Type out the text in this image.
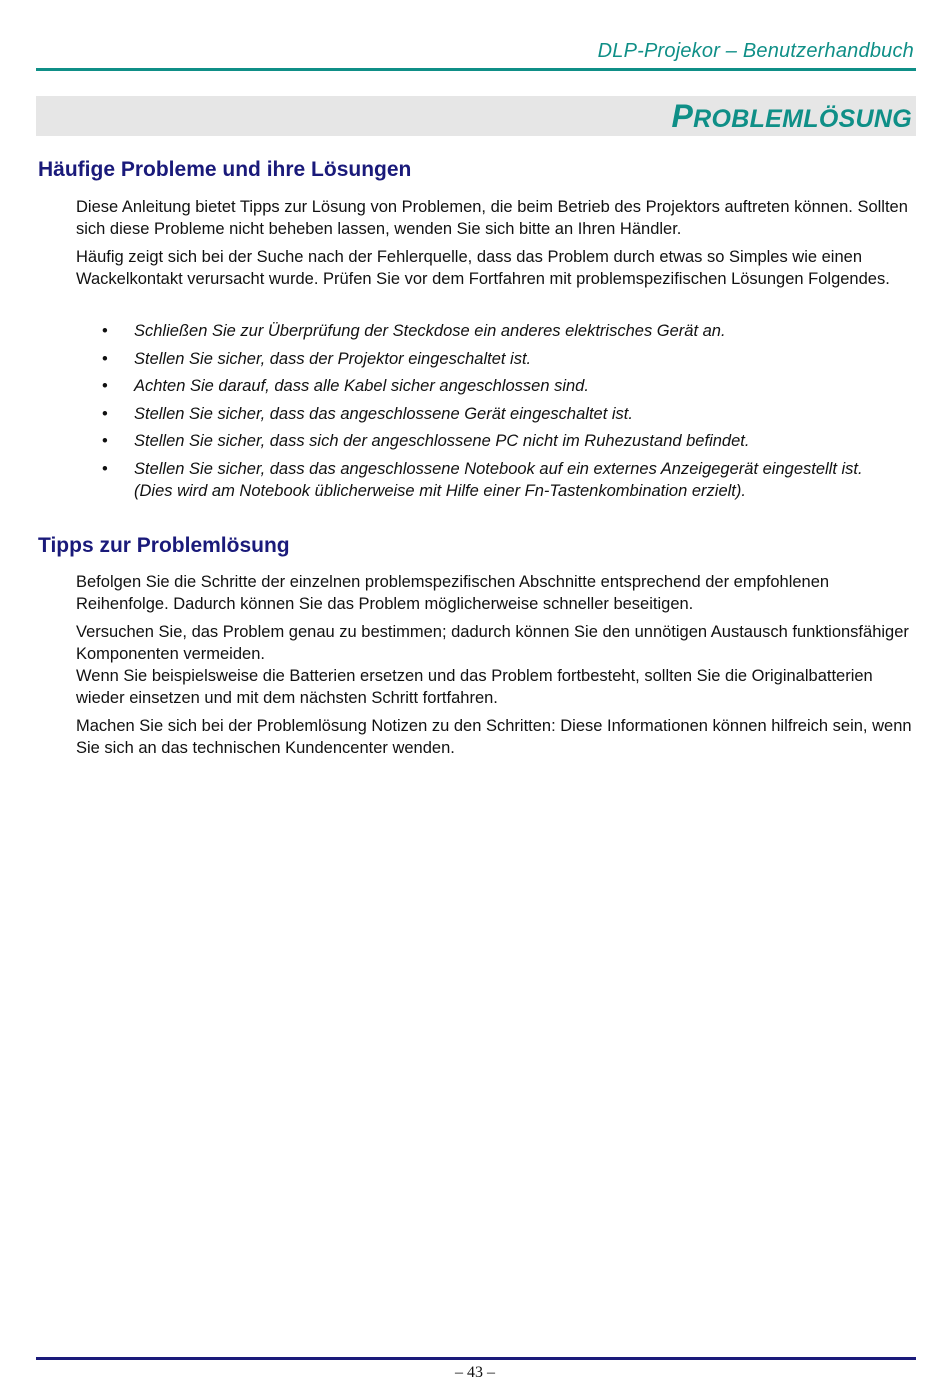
DLP-Projekor – Benutzerhandbuch
PROBLEMLÖSUNG
Häufige Probleme und ihre Lösungen

Diese Anleitung bietet Tipps zur Lösung von Problemen, die beim Betrieb des Projektors auftreten können. Sollten sich diese Probleme nicht beheben lassen, wenden Sie sich bitte an Ihren Händler.

Häufig zeigt sich bei der Suche nach der Fehlerquelle, dass das Problem durch etwas so Simples wie einen Wackelkontakt verursacht wurde. Prüfen Sie vor dem Fortfahren mit problemspezifischen Lösungen Folgendes.

• Schließen Sie zur Überprüfung der Steckdose ein anderes elektrisches Gerät an.
• Stellen Sie sicher, dass der Projektor eingeschaltet ist.
• Achten Sie darauf, dass alle Kabel sicher angeschlossen sind.
• Stellen Sie sicher, dass das angeschlossene Gerät eingeschaltet ist.
• Stellen Sie sicher, dass sich der angeschlossene PC nicht im Ruhezustand befindet.
• Stellen Sie sicher, dass das angeschlossene Notebook auf ein externes Anzeigegerät eingestellt ist.
(Dies wird am Notebook üblicherweise mit Hilfe einer Fn-Tastenkombination erzielt).
Tipps zur Problemlösung

Befolgen Sie die Schritte der einzelnen problemspezifischen Abschnitte entsprechend der empfohlenen Reihenfolge. Dadurch können Sie das Problem möglicherweise schneller beseitigen.

Versuchen Sie, das Problem genau zu bestimmen; dadurch können Sie den unnötigen Austausch funktionsfähiger Komponenten vermeiden.

Wenn Sie beispielsweise die Batterien ersetzen und das Problem fortbesteht, sollten Sie die Originalbatterien wieder einsetzen und mit dem nächsten Schritt fortfahren.

Machen Sie sich bei der Problemlösung Notizen zu den Schritten: Diese Informationen können hilfreich sein, wenn Sie sich an das technischen Kundencenter wenden.

– 43 –
